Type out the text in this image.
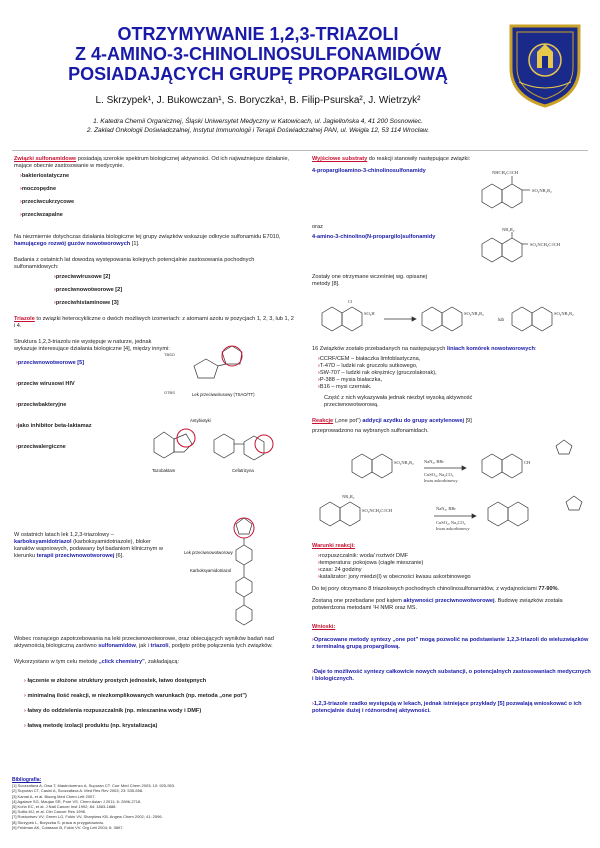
OTRZYMYWANIE 1,2,3-TRIAZOLI
Z 4-AMINO-3-CHINOLINOSULFONAMIDÓW
POSIADAJĄCYCH GRUPĘ PROPARGILOWĄ
L. Skrzypek¹, J. Bukowczan¹, S. Boryczka¹, B. Filip-Psurska², J. Wietrzyk²
1. Katedra Chemii Organicznej, Śląski Uniwersytet Medyczny w Katowicach, ul. Jagiellońska 4, 41 200 Sosnowiec.
2. Zakład Onkologii Doświadczalnej, Instytut Immunologii i Terapii Doświadczalnej PAN, ul. Weigla 12, 53 114 Wrocław.

Związki sulfonamidowe posiadają szerokie spektrum biologicznej aktywności. Od ich najważniejsze działanie, mające obecnie zastosowanie w medycynie.

›bakteriostatyczne
›moczopędne
›przeciwcukrzycowe
›przeciwzapalne

Na niezmiernie dotychczas działania biologiczne tej grupy związków wskazuje odkrycie sulfonamidu E7010, hamującego rozwój guzów nowotworowych [1].

Badania z ostatnich lat dowodzą występowania kolejnych potencjalnie zastosowania pochodnych sulfonamidowych:

›przeciwwirusowe [2]
›przeciwnowotworowe [2]
›przeciwhistaminowe [3]

Triazole to związki heterocykliczne o dwóch możliwych izomeriach: z atomami azotu w pozycjach 1, 2, 3, lub 1, 2 i 4.

Struktura 1,2,3-triazolu nie występuje w naturze, jednak wykazuje interesujące działania biologiczne [4], między innymi:

›przeciwnowotworowe [5]
›przeciw wirusowi HIV
›przeciwbakteryjne
›jako inhibitor beta-laktamaz
›przeciwalergiczne
TBSO
OTBS	Lek przeciwwirusowy (TSAO/TT)
Antybiotyki
Tazobaktam	Cefatrizyna

W ostatnich latach lek 1,2,3-triazolowy – karboksyamidotriazol (karboksyamidotriazole), bloker kanałów wapniowych, podawany był badaniom klinicznym w kierunku terapii przeciwnowotworowej [6].

Lek przeciwnowotworowy
Karboksyamidotriazol

Wobec rosnącego zapotrzebowania na leki przeciwnowotworowe, oraz obiecujących wyników badań nad aktywnością biologiczną zarówno sulfonamidów, jak i triazoli, podjęto próbę połączenia tych związków.

Wykorzystano w tym celu metodę „click chemistry”, zakładającą:

› łączenie w złożone struktury prostych jednostek, łatwo dostępnych
› minimalną ilość reakcji, w niezkomplikowanych warunkach (np. metoda „one pot”)
› łatwy do oddzielenia rozpuszczalnik (np. mieszanina wody i DMF)
› łatwą metodę izolacji produktu (np. krystalizacja)

Wyjściowe substraty do reakcji stanowiły następujące związki:

4-propargiloamino-3-chinolinosulfonamidy	NHCH₂C≡CH
SO₂NR₁R₂

oraz

4-amino-3-chinolino(N-propargilo)sulfonamidy
NR₁R₂
SO₂NCH₂C≡CH

Zostały one otrzymane wcześniej wg. opisanej metody [8].

Cl
SO₃H	SO₂NR₁R₂
lub
SO₂NR₁R₂

16 Związków zostało przebadanych na następujących liniach komórek nowotworowych:

›CCRF/CEM – białaczka limfoblastyczna,
›T-47D – ludzki rak gruczołu sutkowego,
›SW-707 – ludzki rak okrężnicy (gruczolakorak),
›P-388 – mysia białaczka,
›B16 – mysi czerniak.

Część z nich wykazywała jednak niezbyt wysoką aktywność przeciwnowotworową.

Reakcje („one pot”) addycji azydku do grupy acetylenowej [9]

przeprowadzono na wybranych sulfonamidach.

NaN₃, RBr
CuSO₄, Na₂CO₃
kwas askorbinowy
SO₂NR₁R₂	CH
NR₁R₂
SO₂NCH₂C≡CH	NaN₃, RBr
CuSO₄, Na₂CO₃
kwas askorbinowy

Warunki reakcji:

›rozpuszczalnik: woda/ roztwór DMF
›temperatura: pokojowa (ciągłe mieszanie)
›czas: 24 godziny
›katalizator: jony miedzi(I) w obecności kwasu askorbinowego

Do tej pory otrzymano 8 triazolowych pochodnych chinolinosulfonamidów, z wydajnościami 77-90%.

Zostaną one przebadane pod kątem aktywności przeciwnowotworowej. Budowę związków została potwierdzona metodami ¹H NMR oraz MS.

Wnioski:

›Opracowane metody syntezy „one pot” mogą pozwolić na podstawianie 1,2,3-triazoli do wieluzwiązków z terminalną grupą propargilową.
›Daje to możliwość syntezy całkowicie nowych substancji, o potencjalnych zastosowaniach medycznych i biologicznych.
›1,2,3-triazole rzadko występują w lekach, jednak istniejące przykłady [5] pozwalają wnioskować o ich potencjalnie dużej i różnorodnej aktywności.
Bibliografia:
[1] Scozzafava A, Owa T, Mastrolorenzo A, Supuran CT. Curr Med Chem 2003; 10: 925-953.
[2] Supuran CT, Casini A, Scozzafava A. Med Res Rev 2003; 23: 535-558.
[3] Kamal A, et al. Bioorg Med Chem Lett 2007.
[4] Agalave SG, Maujan SR, Pore VS. Chem Asian J 2011; 6: 2696-2718.
[5] Kohn EC, et al. J Natl Cancer Inst 1992; 84: 1883-1888.
[6] Soltis MJ, et al. Clin Cancer Res 1996.
[7] Rostovtsev VV, Green LG, Fokin VV, Sharpless KB. Angew Chem 2002; 41: 2596.
[8] Skrzypek L, Boryczka S. praca w przygotowaniu.
[9] Feldman AK, Colasson B, Fokin VV. Org Lett 2004; 6: 3897.
